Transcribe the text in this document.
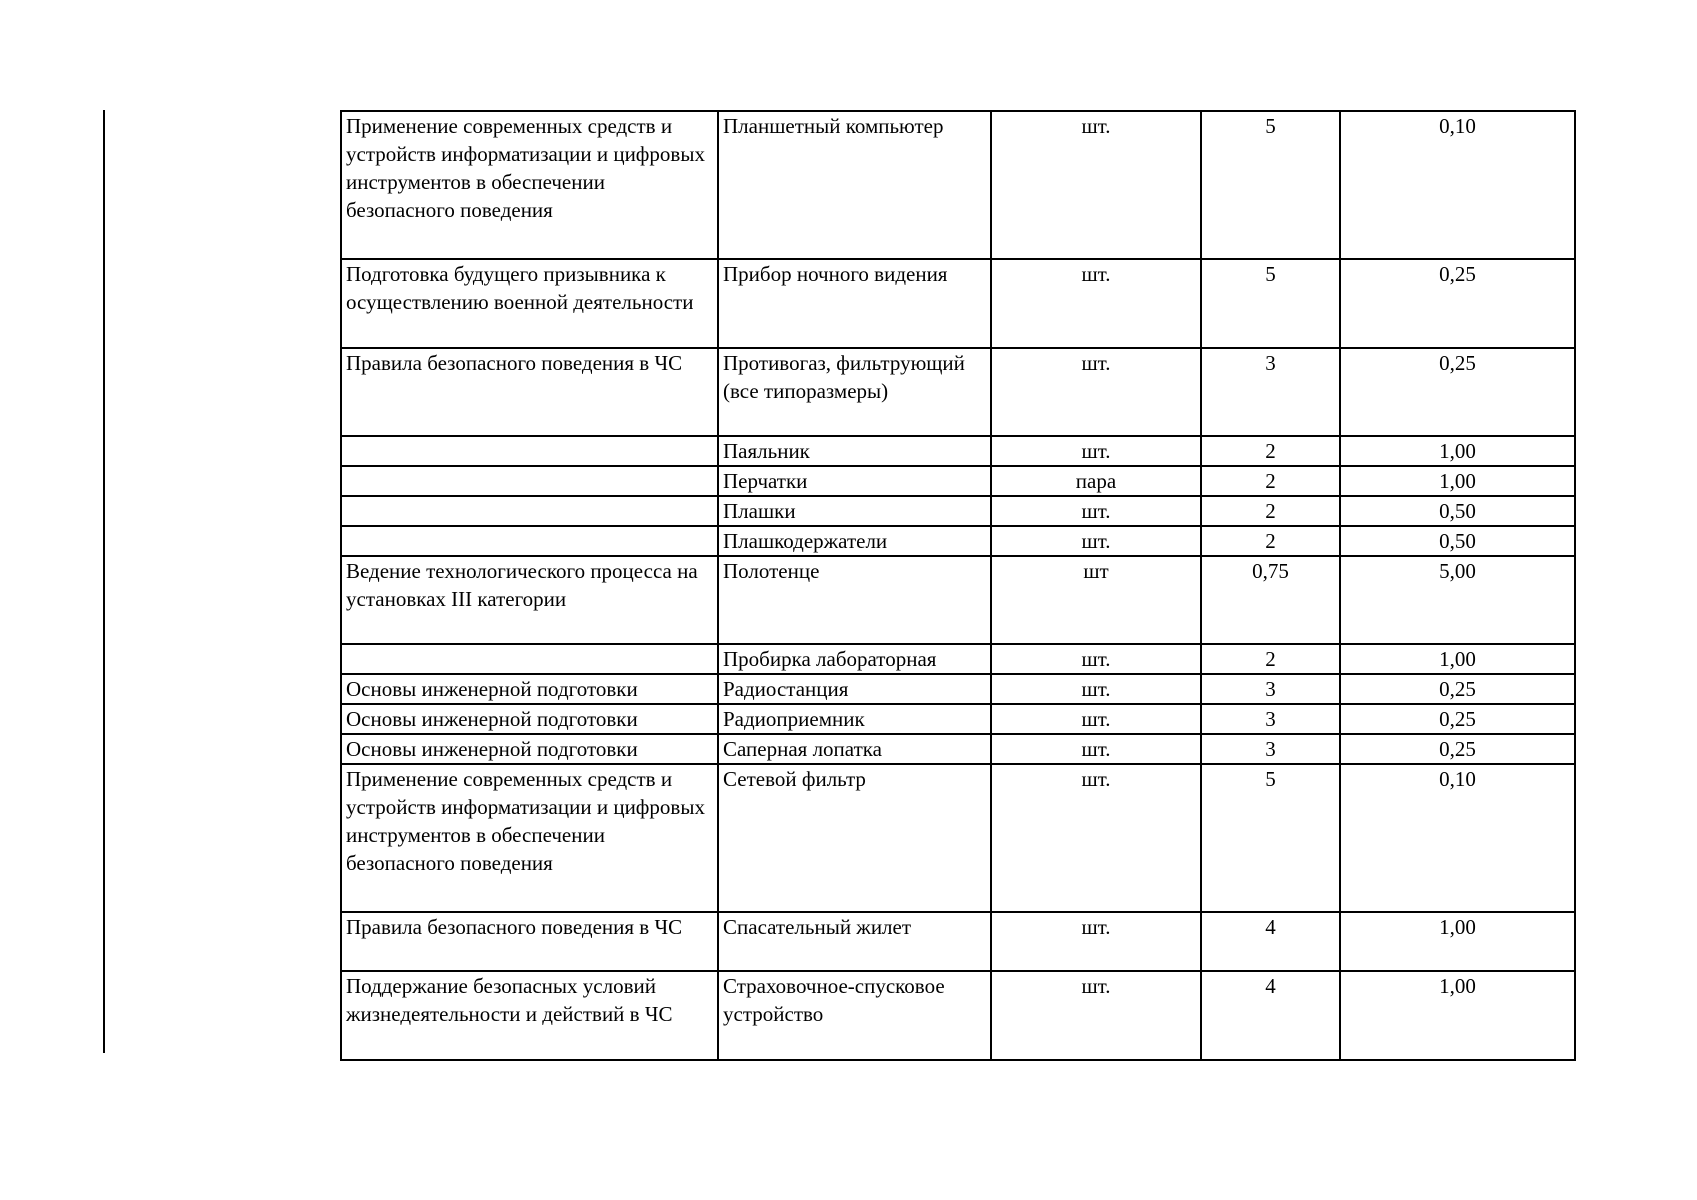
Применение современных средств и устройств информатизации и цифровых инструментов в обеспечении безопасного поведения	Планшетный компьютер	шт.	5	0,10
Подготовка будущего призывника к осуществлению военной деятельности	Прибор ночного видения	шт.	5	0,25
Правила безопасного поведения в ЧС	Противогаз, фильтрующий (все типоразмеры)	шт.	3	0,25
	Паяльник	шт.	2	1,00
	Перчатки	пара	2	1,00
	Плашки	шт.	2	0,50
	Плашкодержатели	шт.	2	0,50
Ведение технологического процесса на установках III категории	Полотенце	шт	0,75	5,00
	Пробирка лабораторная	шт.	2	1,00
Основы инженерной подготовки	Радиостанция	шт.	3	0,25
Основы инженерной подготовки	Радиоприемник	шт.	3	0,25
Основы инженерной подготовки	Саперная лопатка	шт.	3	0,25
Применение современных средств и устройств информатизации и цифровых инструментов в обеспечении безопасного поведения	Сетевой фильтр	шт.	5	0,10
Правила безопасного поведения в ЧС	Спасательный жилет	шт.	4	1,00
Поддержание безопасных условий жизнедеятельности и действий в ЧС	Страховочное-спусковое устройство	шт.	4	1,00
